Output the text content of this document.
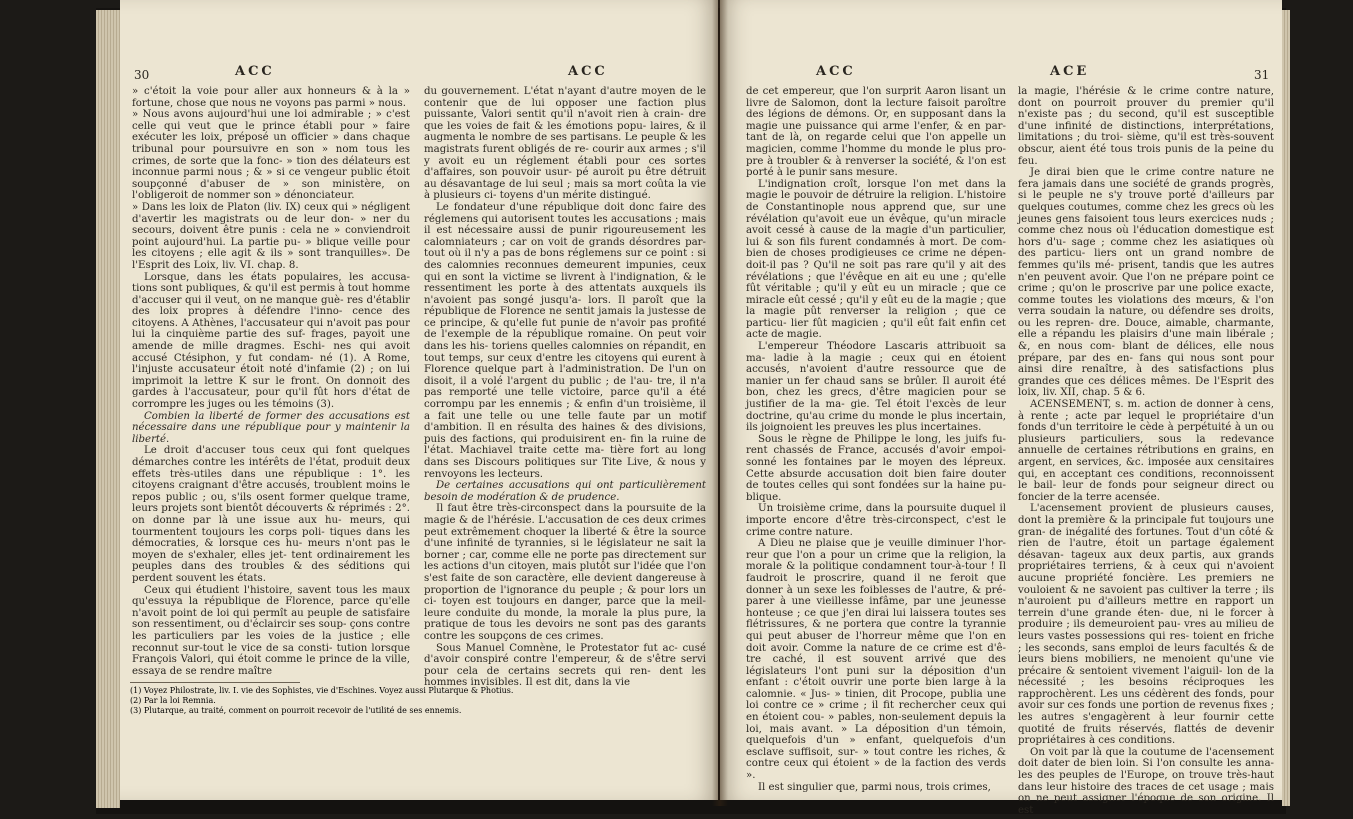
30	ACC	ACC

» c'étoit la voie pour aller aux honneurs & à la » fortune, chose que nous ne voyons pas parmi » nous.

» Nous avons aujourd'hui une loi admirable ; » c'est celle qui veut que le prince établi pour » faire exécuter les loix, préposé un officier » dans chaque tribunal pour poursuivre en son » nom tous les crimes, de sorte que la fonc- » tion des délateurs est inconnue parmi nous ; & » si ce vengeur public étoit soupçonné d'abuser de » son ministère, on l'obligeroit de nommer son » dénonciateur.

» Dans les loix de Platon (liv. IX) ceux qui » négligent d'avertir les magistrats ou de leur don- » ner du secours, doivent être punis : cela ne » conviendroit point aujourd'hui. La partie pu- » blique veille pour les citoyens ; elle agit & ils » sont tranquilles». De l'Esprit des Loix, liv. VI. chap. 8.

Lorsque, dans les états populaires, les accusa- tions sont publiques, & qu'il est permis à tout homme d'accuser qui il veut, on ne manque guè- res d'établir des loix propres à défendre l'inno- cence des citoyens. A Athènes, l'accusateur qui n'avoit pas pour lui la cinquième partie des suf- frages, payoit une amende de mille dragmes. Eschi- nes qui avoit accusé Ctésiphon, y fut condam- né (1). A Rome, l'injuste accusateur étoit noté d'infamie (2) ; on lui imprimoit la lettre K sur le front. On donnoit des gardes à l'accusateur, pour qu'il fût hors d'état de corrompre les juges ou les témoins (3).

Combien la liberté de former des accusations est nécessaire dans une république pour y maintenir la liberté.

Le droit d'accuser tous ceux qui font quelques démarches contre les intérêts de l'état, produit deux effets très-utiles dans une république : 1°. les citoyens craignant d'être accusés, troublent moins le repos public ; ou, s'ils osent former quelque trame, leurs projets sont bientôt découverts & réprimés : 2°. on donne par là une issue aux hu- meurs, qui tourmentent toujours les corps poli- tiques dans les démocraties, & lorsque ces hu- meurs n'ont pas le moyen de s'exhaler, elles jet- tent ordinairement les peuples dans des troubles & des séditions qui perdent souvent les états.

Ceux qui étudient l'histoire, savent tous les maux qu'essuya la république de Florence, parce qu'elle n'avoit point de loi qui permît au peuple de satisfaire son ressentiment, ou d'éclaircir ses soup- çons contre les particuliers par les voies de la justice ; elle reconnut sur-tout le vice de sa consti- tution lorsque François Valori, qui étoit comme le prince de la ville, essaya de se rendre maître

du gouvernement. L'état n'ayant d'autre moyen de le contenir que de lui opposer une faction plus puissante, Valori sentit qu'il n'avoit rien à crain- dre que les voies de fait & les émotions popu- laires, & il augmenta le nombre de ses partisans. Le peuple & les magistrats furent obligés de re- courir aux armes ; s'il y avoit eu un réglement établi pour ces sortes d'affaires, son pouvoir usur- pé auroit pu être détruit au désavantage de lui seul ; mais sa mort coûta la vie à plusieurs ci- toyens d'un mérite distingué.

Le fondateur d'une république doit donc faire des réglemens qui autorisent toutes les accusations ; mais il est nécessaire aussi de punir rigoureusement les calomniateurs ; car on voit de grands désordres par-tout où il n'y a pas de bons réglemens sur ce point : si des calomnies reconnues demeurent impunies, ceux qui en sont la victime se livrent à l'indignation, & le ressentiment les porte à des attentats auxquels ils n'avoient pas songé jusqu'a- lors. Il paroît que la république de Florence ne sentit jamais la justesse de ce principe, & qu'elle fut punie de n'avoir pas profité de l'exemple de la république romaine. On peut voir dans les his- toriens quelles calomnies on répandit, en tout temps, sur ceux d'entre les citoyens qui eurent à Florence quelque part à l'administration. De l'un on disoit, il a volé l'argent du public ; de l'au- tre, il n'a pas remporté une telle victoire, parce qu'il a été corrompu par les ennemis ; & enfin d'un troisième, il a fait une telle ou une telle faute par un motif d'ambition. Il en résulta des haines & des divisions, puis des factions, qui produisirent en- fin la ruine de l'état. Machiavel traite cette ma- tière fort au long dans ses Discours politiques sur Tite Live, & nous y renvoyons les lecteurs.

De certaines accusations qui ont particulièrement besoin de modération & de prudence.

Il faut être très-circonspect dans la poursuite de la magie & de l'hérésie. L'accusation de ces deux crimes peut extrêmement choquer la liberté & être la source d'une infinité de tyrannies, si le législateur ne sait la borner ; car, comme elle ne porte pas directement sur les actions d'un citoyen, mais plutôt sur l'idée que l'on s'est faite de son caractère, elle devient dangereuse à proportion de l'ignorance du peuple ; & pour lors un ci- toyen est toujours en danger, parce que la meil- leure conduite du monde, la morale la plus pure, la pratique de tous les devoirs ne sont pas des garants contre les soupçons de ces crimes.

Sous Manuel Comnène, le Protestator fut ac- cusé d'avoir conspiré contre l'empereur, & de s'être servi pour cela de certains secrets qui ren- dent les hommes invisibles. Il est dit, dans la vie

(1) Voyez Philostrate, liv. I. vie des Sophistes, vie d'Eschines. Voyez aussi Plutarque & Photius.
(2) Par la loi Remnia.
(3) Plutarque, au traité, comment on pourroit recevoir de l'utilité de ses ennemis.
ACC	ACE	31

de cet empereur, que l'on surprit Aaron lisant un livre de Salomon, dont la lecture faisoit paroître des légions de démons. Or, en supposant dans la magie une puissance qui arme l'enfer, & en par- tant de là, on regarde celui que l'on appelle un magicien, comme l'homme du monde le plus pro- pre à troubler & à renverser la société, & l'on est porté à le punir sans mesure.

L'indignation croît, lorsque l'on met dans la magie le pouvoir de détruire la religion. L'histoire de Constantinople nous apprend que, sur une révélation qu'avoit eue un évêque, qu'un miracle avoit cessé à cause de la magie d'un particulier, lui & son fils furent condamnés à mort. De com- bien de choses prodigieuses ce crime ne dépen- doit-il pas ? Qu'il ne soit pas rare qu'il y ait des révélations ; que l'évêque en ait eu une ; qu'elle fût véritable ; qu'il y eût eu un miracle ; que ce miracle eût cessé ; qu'il y eût eu de la magie ; que la magie pût renverser la religion ; que ce particu- lier fût magicien ; qu'il eût fait enfin cet acte de magie.

L'empereur Théodore Lascaris attribuoit sa ma- ladie à la magie ; ceux qui en étoient accusés, n'avoient d'autre ressource que de manier un fer chaud sans se brûler. Il auroit été bon, chez les grecs, d'être magicien pour se justifier de la ma- gie. Tel étoit l'excès de leur doctrine, qu'au crime du monde le plus incertain, ils joignoient les preuves les plus incertaines.

Sous le règne de Philippe le long, les juifs fu- rent chassés de France, accusés d'avoir empoi- sonné les fontaines par le moyen des lépreux. Cette absurde accusation doit bien faire douter de toutes celles qui sont fondées sur la haine pu- blique.

Un troisième crime, dans la poursuite duquel il importe encore d'être très-circonspect, c'est le crime contre nature.

A Dieu ne plaise que je veuille diminuer l'hor- reur que l'on a pour un crime que la religion, la morale & la politique condamnent tour-à-tour ! Il faudroit le proscrire, quand il ne feroit que donner à un sexe les foiblesses de l'autre, & pré- parer à une vieillesse infâme, par une jeunesse honteuse ; ce que j'en dirai lui laissera toutes ses flétrissures, & ne portera que contre la tyrannie qui peut abuser de l'horreur même que l'on en doit avoir. Comme la nature de ce crime est d'ê- tre caché, il est souvent arrivé que des législateurs l'ont puni sur la déposition d'un enfant : c'étoit ouvrir une porte bien large à la calomnie. « Jus- » tinien, dit Procope, publia une loi contre ce » crime ; il fit rechercher ceux qui en étoient cou- » pables, non-seulement depuis la loi, mais avant. » La déposition d'un témoin, quelquefois d'un » enfant, quelquefois d'un esclave suffisoit, sur- » tout contre les riches, & contre ceux qui étoient » de la faction des verds ».

Il est singulier que, parmi nous, trois crimes,

la magie, l'hérésie & le crime contre nature, dont on pourroit prouver du premier qu'il n'existe pas ; du second, qu'il est susceptible d'une infinité de distinctions, interprétations, limitations ; du troi- sième, qu'il est très-souvent obscur, aient été tous trois punis de la peine du feu.

Je dirai bien que le crime contre nature ne fera jamais dans une société de grands progrès, si le peuple ne s'y trouve porté d'ailleurs par quelques coutumes, comme chez les grecs où les jeunes gens faisoient tous leurs exercices nuds ; comme chez nous où l'éducation domestique est hors d'u- sage ; comme chez les asiatiques où des particu- liers ont un grand nombre de femmes qu'ils mé- prisent, tandis que les autres n'en peuvent avoir. Que l'on ne prépare point ce crime ; qu'on le proscrive par une police exacte, comme toutes les violations des mœurs, & l'on verra soudain la nature, ou défendre ses droits, ou les repren- dre. Douce, aimable, charmante, elle a répandu les plaisirs d'une main libérale ; &, en nous com- blant de délices, elle nous prépare, par des en- fans qui nous sont pour ainsi dire renaître, à des satisfactions plus grandes que ces délices mêmes. De l'Esprit des loix, liv. XII, chap. 5 & 6.

ACENSEMENT, s. m. action de donner à cens, à rente ; acte par lequel le propriétaire d'un fonds d'un territoire le cède à perpétuité à un ou plusieurs particuliers, sous la redevance annuelle de certaines rétributions en grains, en argent, en services, &c. imposée aux censitaires qui, en acceptant ces conditions, reconnoissent le bail- leur de fonds pour seigneur direct ou foncier de la terre acensée.

L'acensement provient de plusieurs causes, dont la première & la principale fut toujours une gran- de inégalité des fortunes. Tout d'un côté & rien de l'autre, étoit un partage également désavan- tageux aux deux partis, aux grands propriétaires terriens, & à ceux qui n'avoient aucune propriété foncière. Les premiers ne vouloient & ne savoient pas cultiver la terre ; ils n'auroient pu d'ailleurs mettre en rapport un terrein d'une grande éten- due, ni le forcer à produire ; ils demeuroient pau- vres au milieu de leurs vastes possessions qui res- toient en friche ; les seconds, sans emploi de leurs facultés & de leurs biens mobiliers, ne menoient qu'une vie précaire & sentoient vivement l'aiguil- lon de la nécessité ; les besoins réciproques les rapprochèrent. Les uns cédèrent des fonds, pour avoir sur ces fonds une portion de revenus fixes ; les autres s'engagèrent à leur fournir cette quotité de fruits réservés, flattés de devenir propriétaires à ces conditions.

On voit par là que la coutume de l'acensement doit dater de bien loin. Si l'on consulte les anna- les des peuples de l'Europe, on trouve très-haut dans leur histoire des traces de cet usage ; mais on ne peut assigner l'époque de son origine. Il est
